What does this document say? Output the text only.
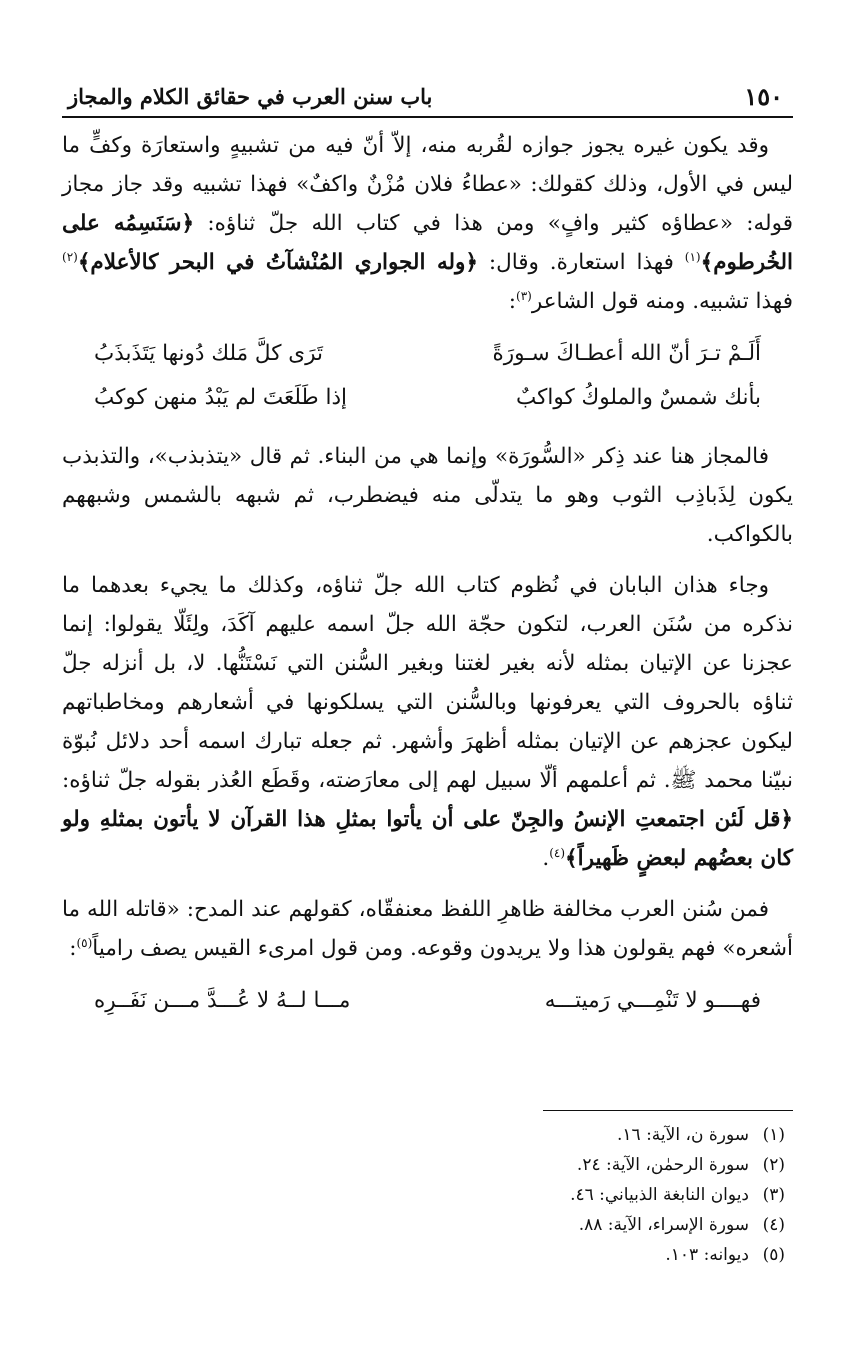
١٥٠
باب سنن العرب في حقائق الكلام والمجاز

وقد يكون غيره يجوز جوازه لقُربه منه، إلاّ أنّ فيه من تشبيهٍ واستعارَة وكفٍّ ما ليس في الأول، وذلك كقولك: «عطاءُ فلان مُزْنٌ واكفٌ» فهذا تشبيه وقد جاز مجاز قوله: «عطاؤه كثير وافٍ» ومن هذا في كتاب الله جلّ ثناؤه: ﴿سَنَسِمُه على الخُرطوم﴾$^{(١)}$ فهذا استعارة. وقال: ﴿وله الجواري المُنْشآتُ في البحر كالأعلام﴾$^{(٢)}$ فهذا تشبيه. ومنه قول الشاعر$^{(٣)}$:

أَلَـمْ تـرَ أنّ الله أعطـاكَ سـورَةً
تَرَى كلَّ مَلك دُونها يَتَذَبذَبُ
بأنك شمسٌ والملوكُ كواكبٌ
إذا طَلَعَتَ لم يَبْدُ منهن كوكبُ

فالمجاز هنا عند ذِكر «السُّورَة» وإنما هي من البناء. ثم قال «يتذبذب»، والتذبذب يكون لِذَباذِب الثوب وهو ما يتدلّى منه فيضطرب، ثم شبهه بالشمس وشبههم بالكواكب.

وجاء هذان البابان في نُظوم كتاب الله جلّ ثناؤه، وكذلك ما يجيء بعدهما ما نذكره من سُنَن العرب، لتكون حجّة الله جلّ اسمه عليهم آكَدَ، ولِئَلّا يقولوا: إنما عجزنا عن الإتيان بمثله لأنه بغير لغتنا وبغير السُّنن التي نَسْتَنُّها. لا، بل أنزله جلّ ثناؤه بالحروف التي يعرفونها وبالسُّنن التي يسلكونها في أشعارهم ومخاطباتهم ليكون عجزهم عن الإتيان بمثله أظهرَ وأشهر. ثم جعله تبارك اسمه أحد دلائل نُبوّة نبيّنا محمد ﷺ. ثم أعلمهم ألّا سبيل لهم إلى معارَضته، وقَطَع العُذر بقوله جلّ ثناؤه: ﴿قل لَئن اجتمعتِ الإنسُ والجِنّ على أن يأتوا بمثلِ هذا القرآن لا يأتون بمثلهِ ولو كان بعضُهم لبعضٍ ظَهيراً﴾$^{(٤)}$.

فمن سُنن العرب مخالفة ظاهرِ اللفظ معنفقّاه، كقولهم عند المدح: «قاتله الله ما أشعره» فهم يقولون هذا ولا يريدون وقوعه. ومن قول امرىء القيس يصف رامياً$^{(٥)}$:

فهــــو لا تَنْمِـــي رَميتـــه
مـــا لــهُ لا عُـــدَّ مـــن نَفَــرِه
(١)سورة ن، الآية: ١٦.
(٢)سورة الرحمٰن، الآية: ٢٤.
(٣)ديوان النابغة الذبياني: ٤٦.
(٤)سورة الإسراء، الآية: ٨٨.
(٥)ديوانه: ١٠٣.
